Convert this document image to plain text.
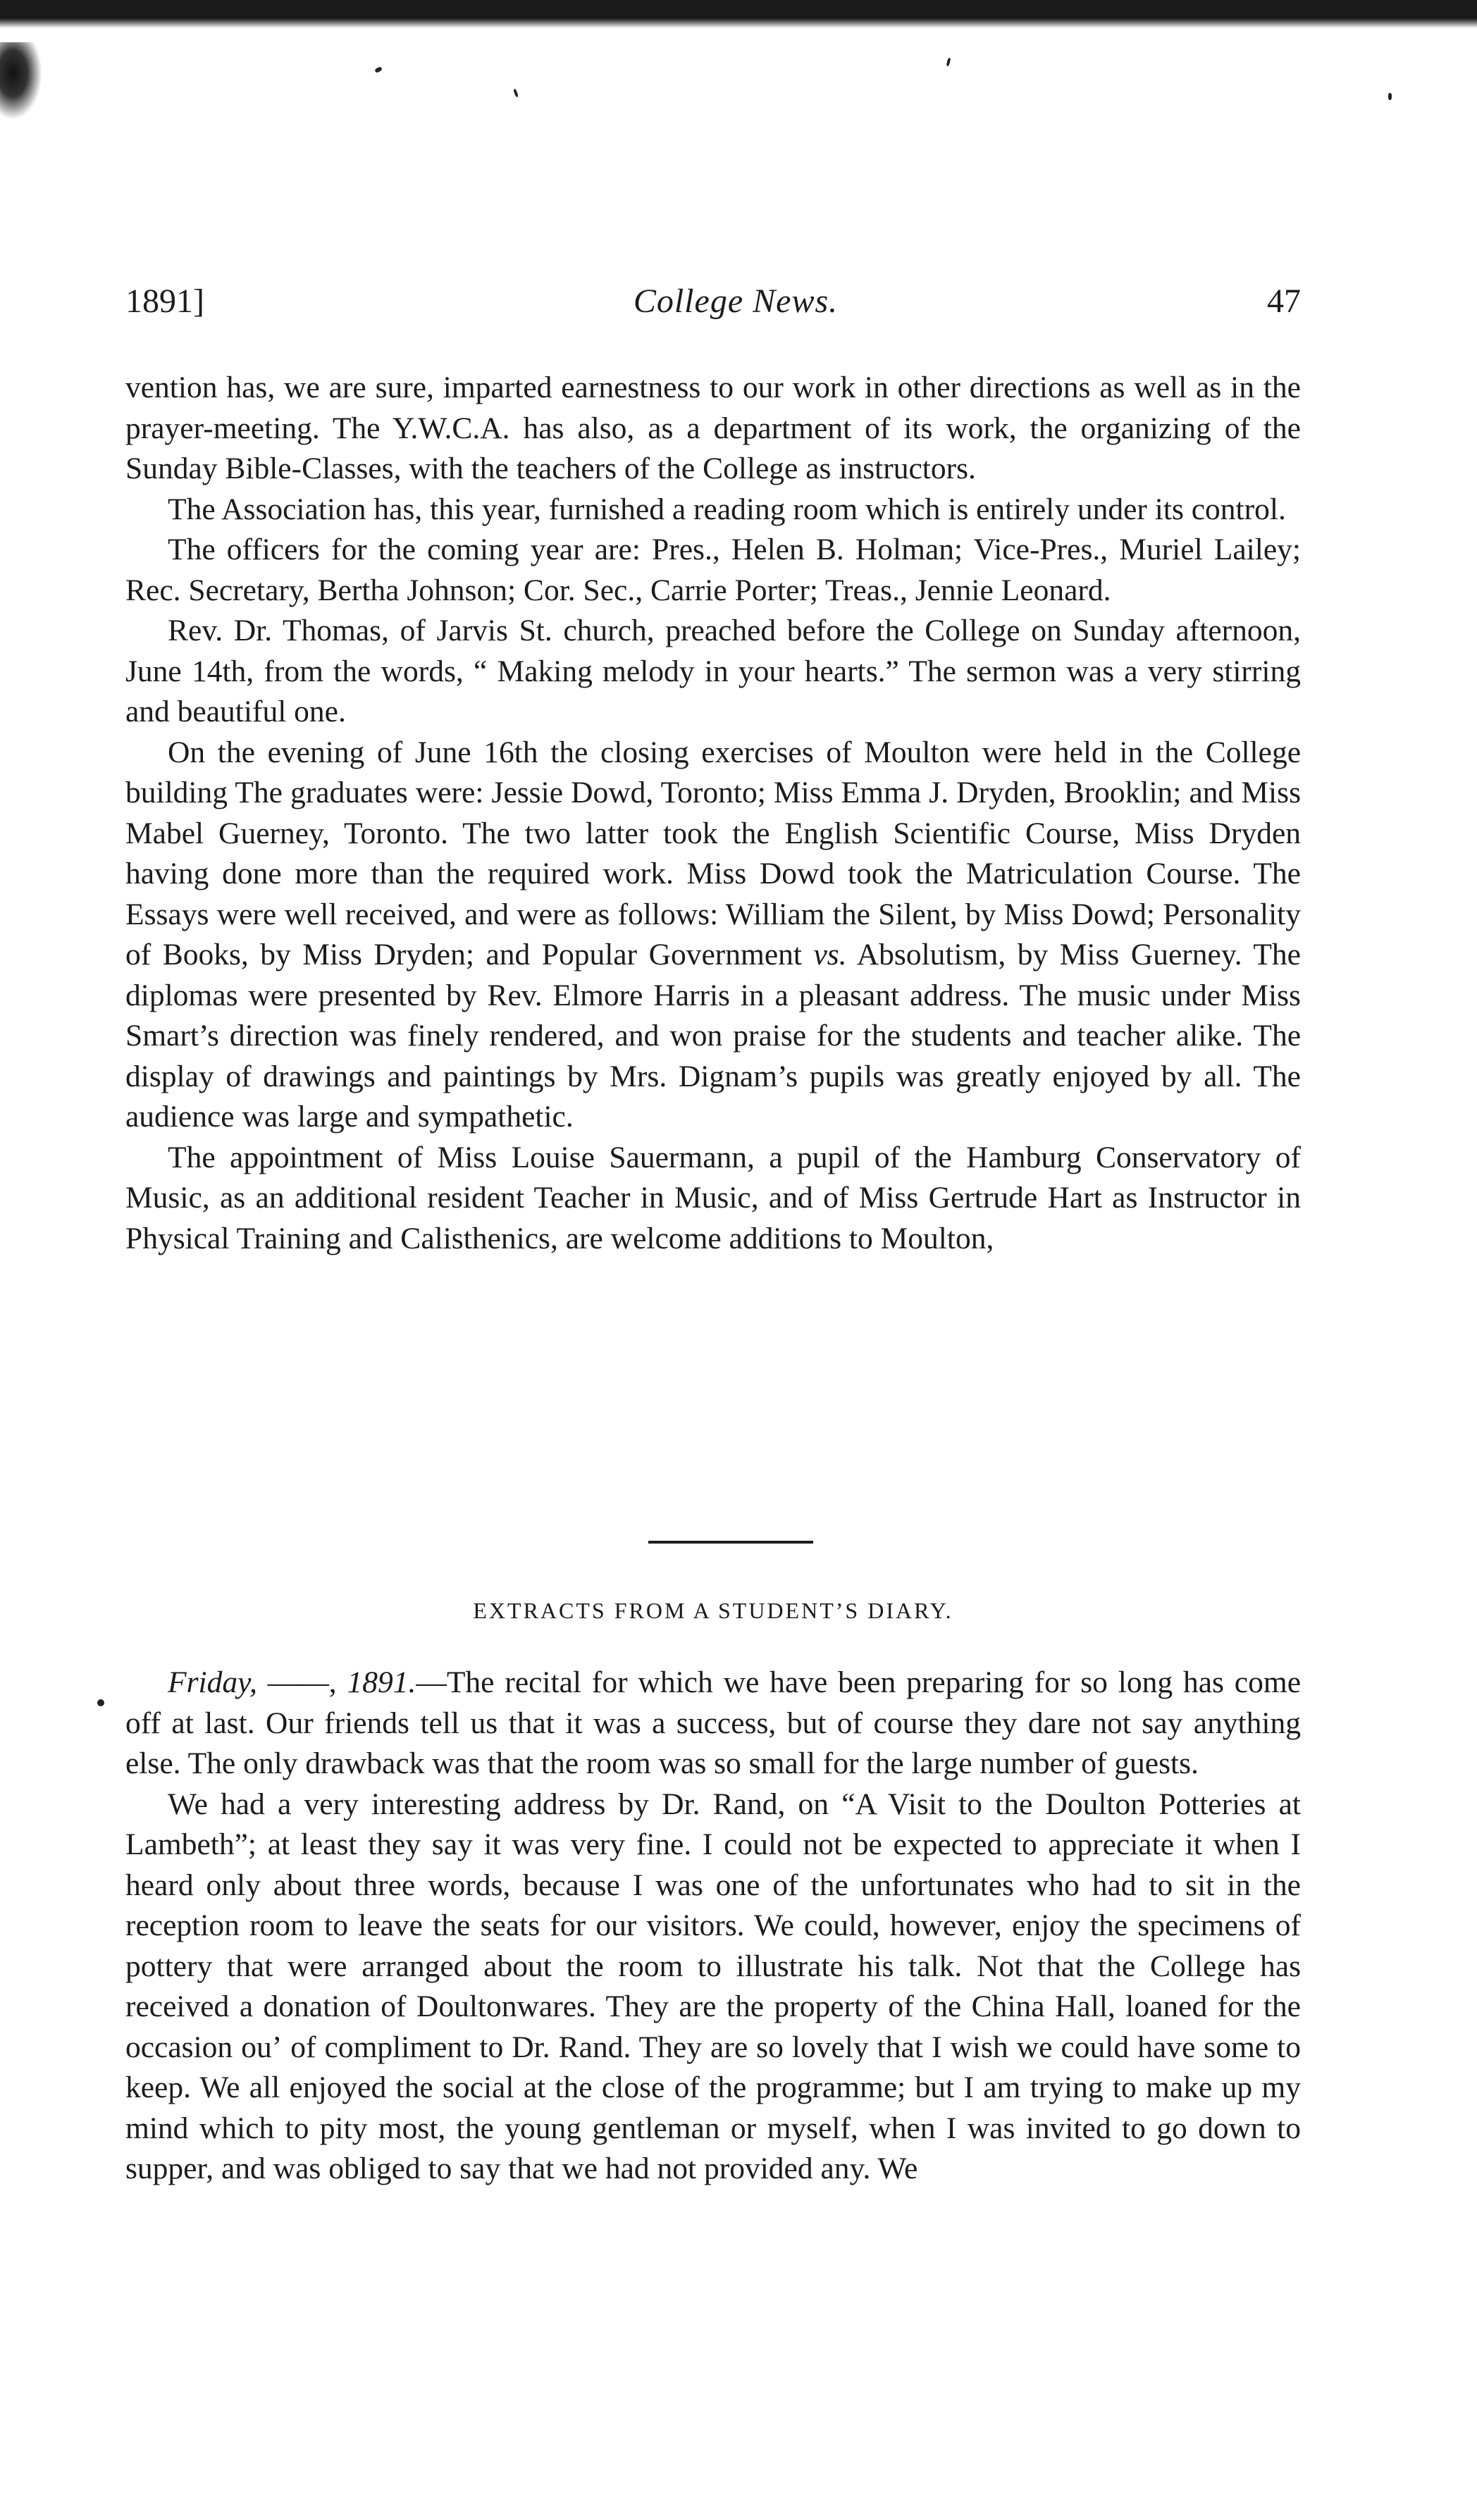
1891]	College News.	47

vention has, we are sure, imparted earnestness to our work in other directions as well as in the prayer-meeting. The Y.W.C.A. has also, as a department of its work, the organizing of the Sunday Bible-Classes, with the teachers of the College as instructors.

The Association has, this year, furnished a reading room which is entirely under its control.

The officers for the coming year are: Pres., Helen B. Holman; Vice-Pres., Muriel Lailey; Rec. Secretary, Bertha Johnson; Cor. Sec., Carrie Porter; Treas., Jennie Leonard.

Rev. Dr. Thomas, of Jarvis St. church, preached before the College on Sunday afternoon, June 14th, from the words, “ Making melody in your hearts.” The sermon was a very stirring and beautiful one.

On the evening of June 16th the closing exercises of Moulton were held in the College building The graduates were: Jessie Dowd, Toronto; Miss Emma J. Dryden, Brooklin; and Miss Mabel Guerney, Toronto. The two latter took the English Scientific Course, Miss Dryden having done more than the required work. Miss Dowd took the Matriculation Course. The Essays were well received, and were as follows: William the Silent, by Miss Dowd; Personality of Books, by Miss Dryden; and Popular Government vs. Absolutism, by Miss Guerney. The diplomas were presented by Rev. Elmore Harris in a pleasant address. The music under Miss Smart’s direction was finely rendered, and won praise for the students and teacher alike. The display of drawings and paintings by Mrs. Dignam’s pupils was greatly enjoyed by all. The audience was large and sympathetic.

The appointment of Miss Louise Sauermann, a pupil of the Hamburg Conservatory of Music, as an additional resident Teacher in Music, and of Miss Gertrude Hart as Instructor in Physical Training and Calisthenics, are welcome additions to Moulton,

EXTRACTS FROM A STUDENT’S DIARY.

Friday, ——, 1891.—The recital for which we have been preparing for so long has come off at last. Our friends tell us that it was a success, but of course they dare not say anything else. The only drawback was that the room was so small for the large number of guests.

We had a very interesting address by Dr. Rand, on “A Visit to the Doulton Potteries at Lambeth”; at least they say it was very fine. I could not be expected to appreciate it when I heard only about three words, because I was one of the unfortunates who had to sit in the reception room to leave the seats for our visitors. We could, however, enjoy the specimens of pottery that were arranged about the room to illustrate his talk. Not that the College has received a donation of Doultonwares. They are the property of the China Hall, loaned for the occasion ouʼ of compliment to Dr. Rand. They are so lovely that I wish we could have some to keep. We all enjoyed the social at the close of the programme; but I am trying to make up my mind which to pity most, the young gentleman or myself, when I was invited to go down to supper, and was obliged to say that we had not provided any. We
